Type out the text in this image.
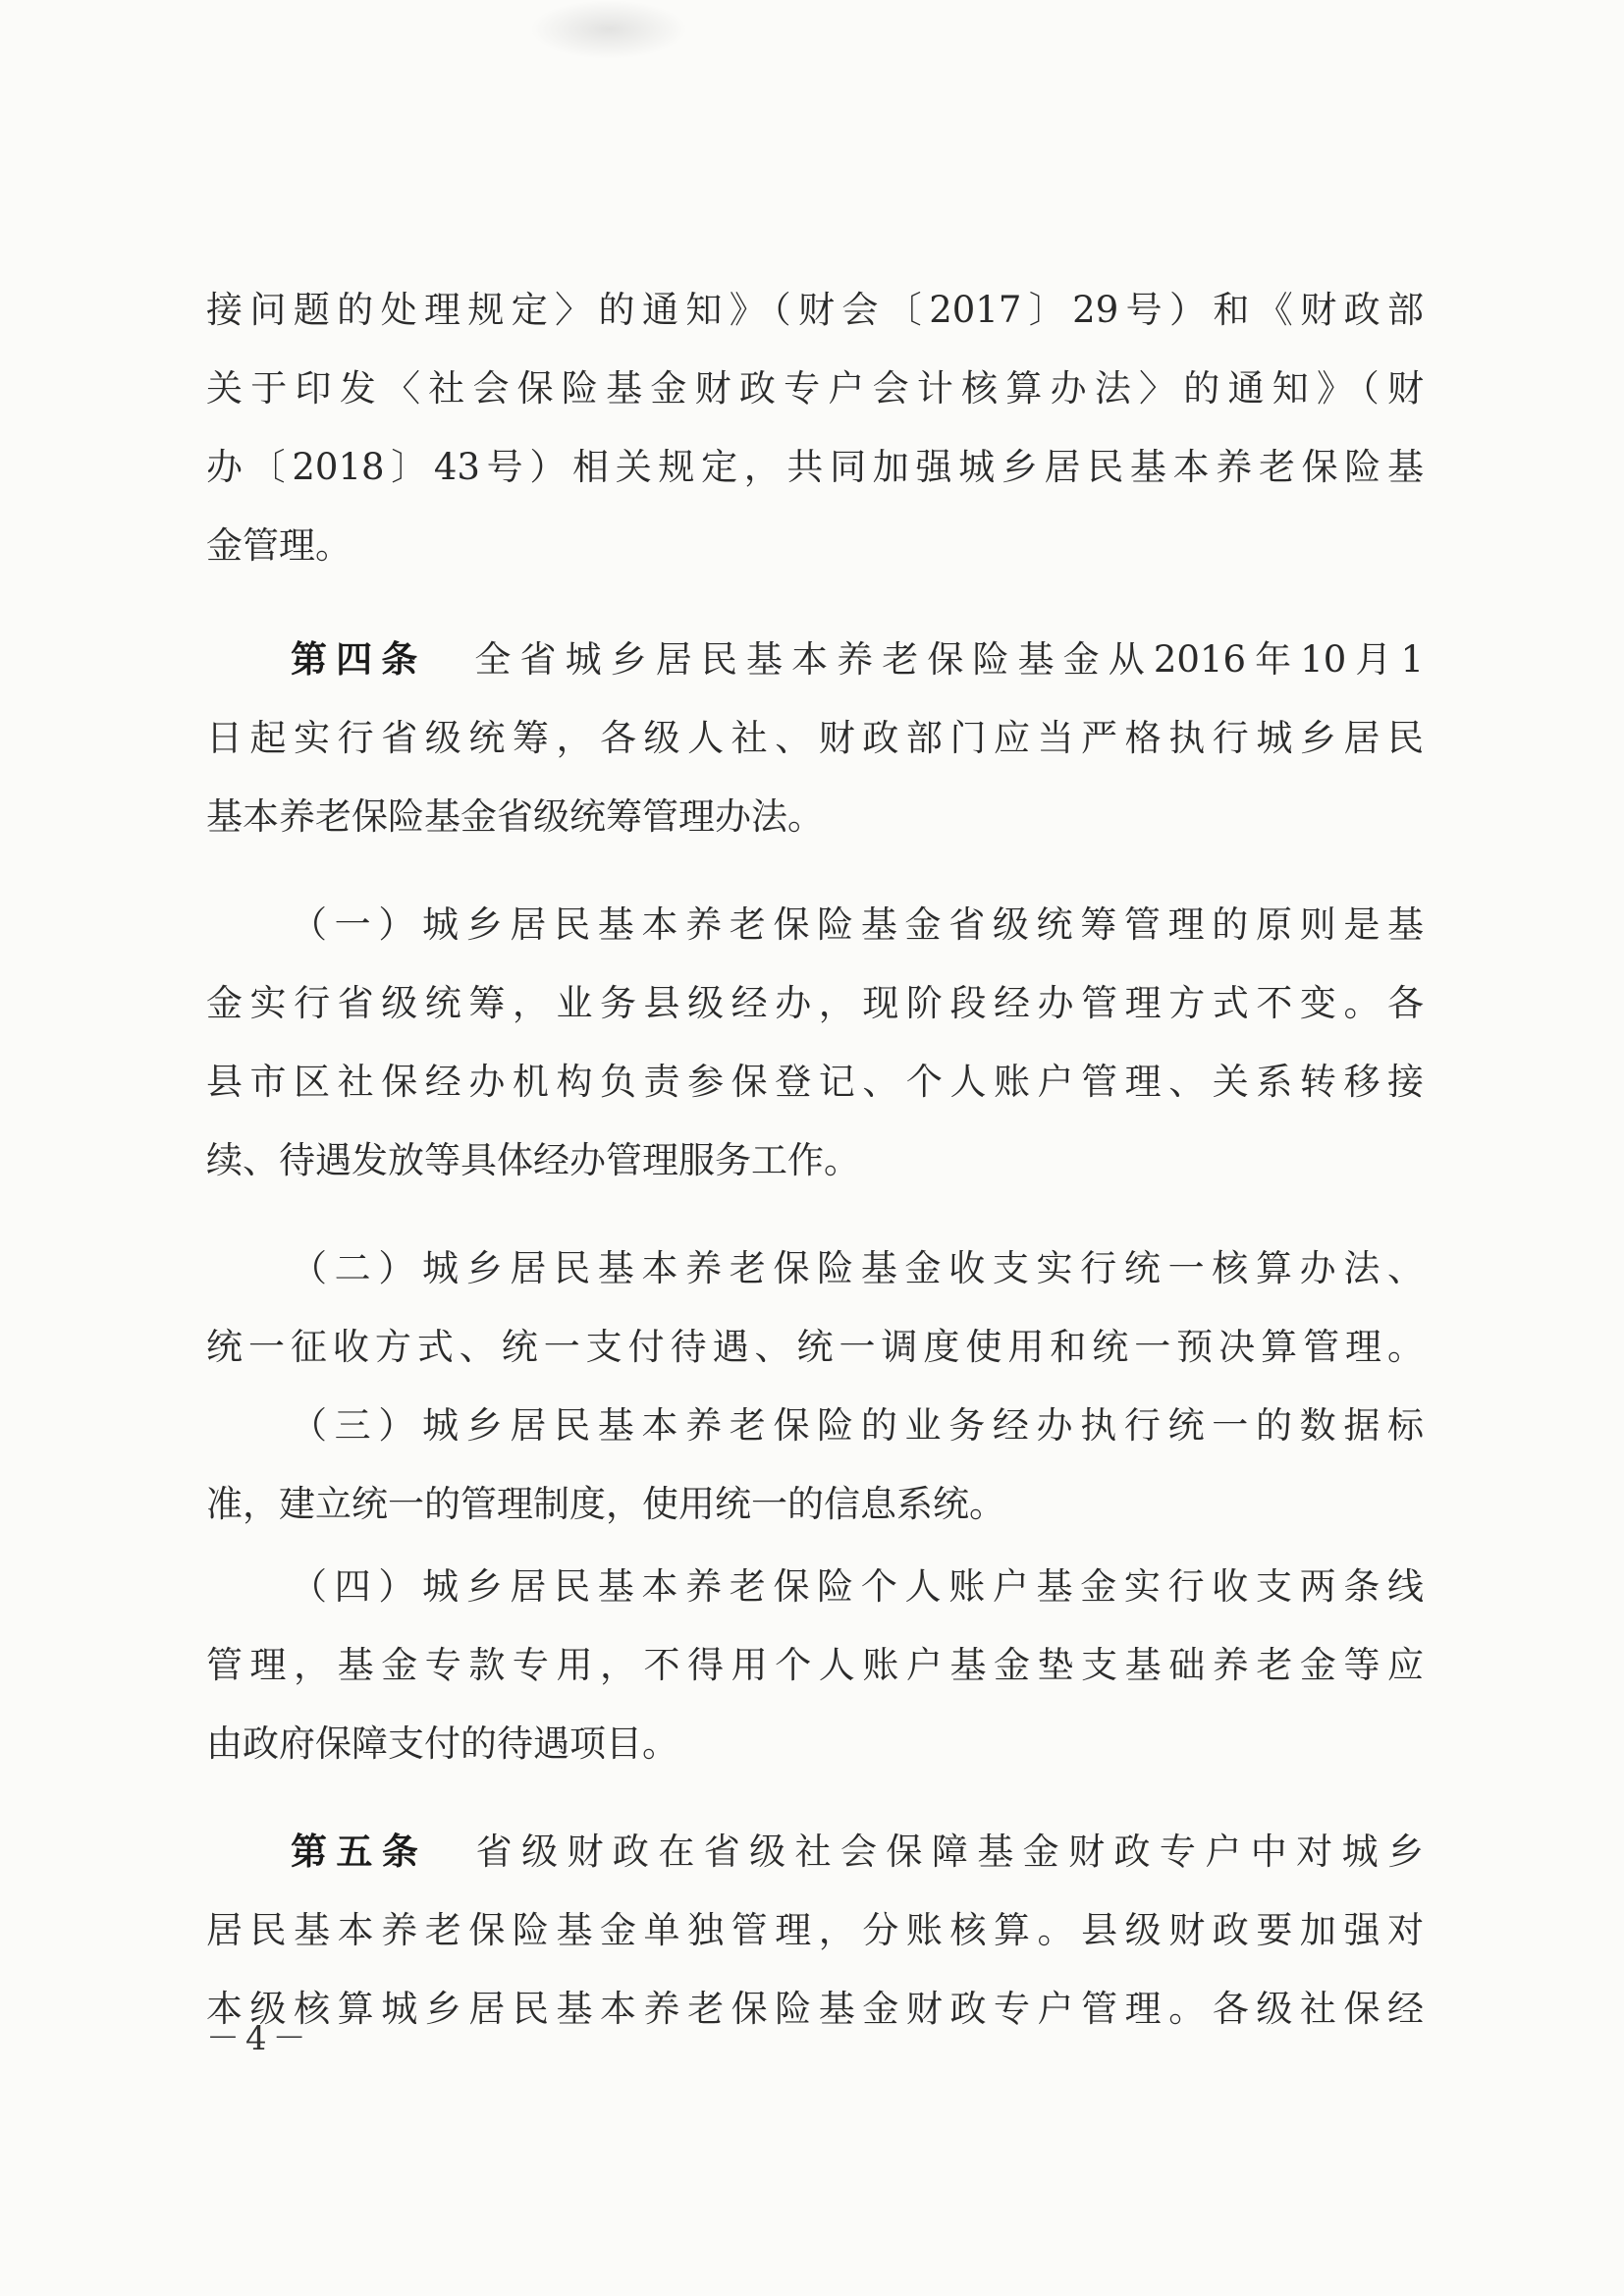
接问题的处理规定〉的通知》（财会〔2017〕29号）和《财政部
关于印发〈社会保险基金财政专户会计核算办法〉的通知》（财
办〔2018〕43号）相关规定，共同加强城乡居民基本养老保险基
金管理。
第四条 全省城乡居民基本养老保险基金从2016年10月1
日起实行省级统筹，各级人社、财政部门应当严格执行城乡居民
基本养老保险基金省级统筹管理办法。
（一）城乡居民基本养老保险基金省级统筹管理的原则是基
金实行省级统筹，业务县级经办，现阶段经办管理方式不变。各
县市区社保经办机构负责参保登记、个人账户管理、关系转移接
续、待遇发放等具体经办管理服务工作。
（二）城乡居民基本养老保险基金收支实行统一核算办法、
统一征收方式、统一支付待遇、统一调度使用和统一预决算管理。
（三）城乡居民基本养老保险的业务经办执行统一的数据标
准，建立统一的管理制度，使用统一的信息系统。
（四）城乡居民基本养老保险个人账户基金实行收支两条线
管理，基金专款专用，不得用个人账户基金垫支基础养老金等应
由政府保障支付的待遇项目。
第五条 省级财政在省级社会保障基金财政专户中对城乡
居民基本养老保险基金单独管理，分账核算。县级财政要加强对
本级核算城乡居民基本养老保险基金财政专户管理。各级社保经
－4－
